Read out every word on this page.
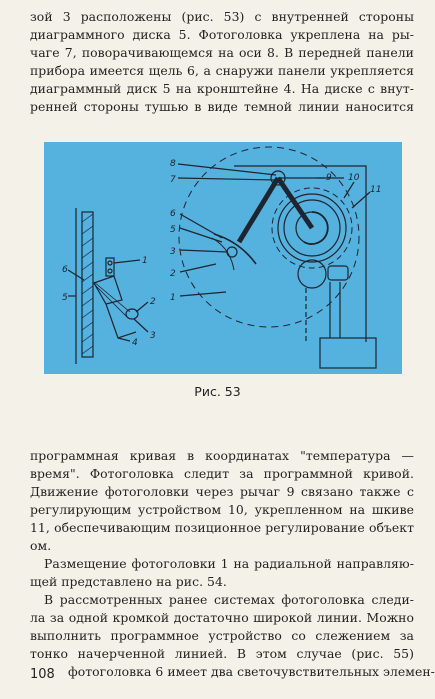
зой 3 расположены (рис. 53) с внутренней стороны
диаграммного диска 5. Фотоголовка укреплена на ры-
чаге 7, поворачивающемся на оси 8. В передней панели
прибора имеется щель 6, а снаружи панели укрепляется
диаграммный диск 5 на кронштейне 4. На диске с внут-
ренней стороны тушью в виде темной линии наносится
1
2
3
4
5
6
1
2
3
5
6
7
8
9 10
11
Рис. 53
программная кривая в координатах "температура —
время". Фотоголовка следит за программной кривой.
Движение фотоголовки через рычаг 9 связано также с
регулирующим устройством 10, укрепленном на шкиве
11, обеспечивающим позиционное регулирование объект
ом.
Размещение фотоголовки 1 на радиальной направляю-
щей представлено на рис. 54.
В рассмотренных ранее системах фотоголовка следи-
ла за одной кромкой достаточно широкой линии. Можно
выполнить программное устройство со слежением за
тонко начерченной линией. В этом случае (рис. 55)
фотоголовка 6 имеет два светочувствительных элемен-
108
